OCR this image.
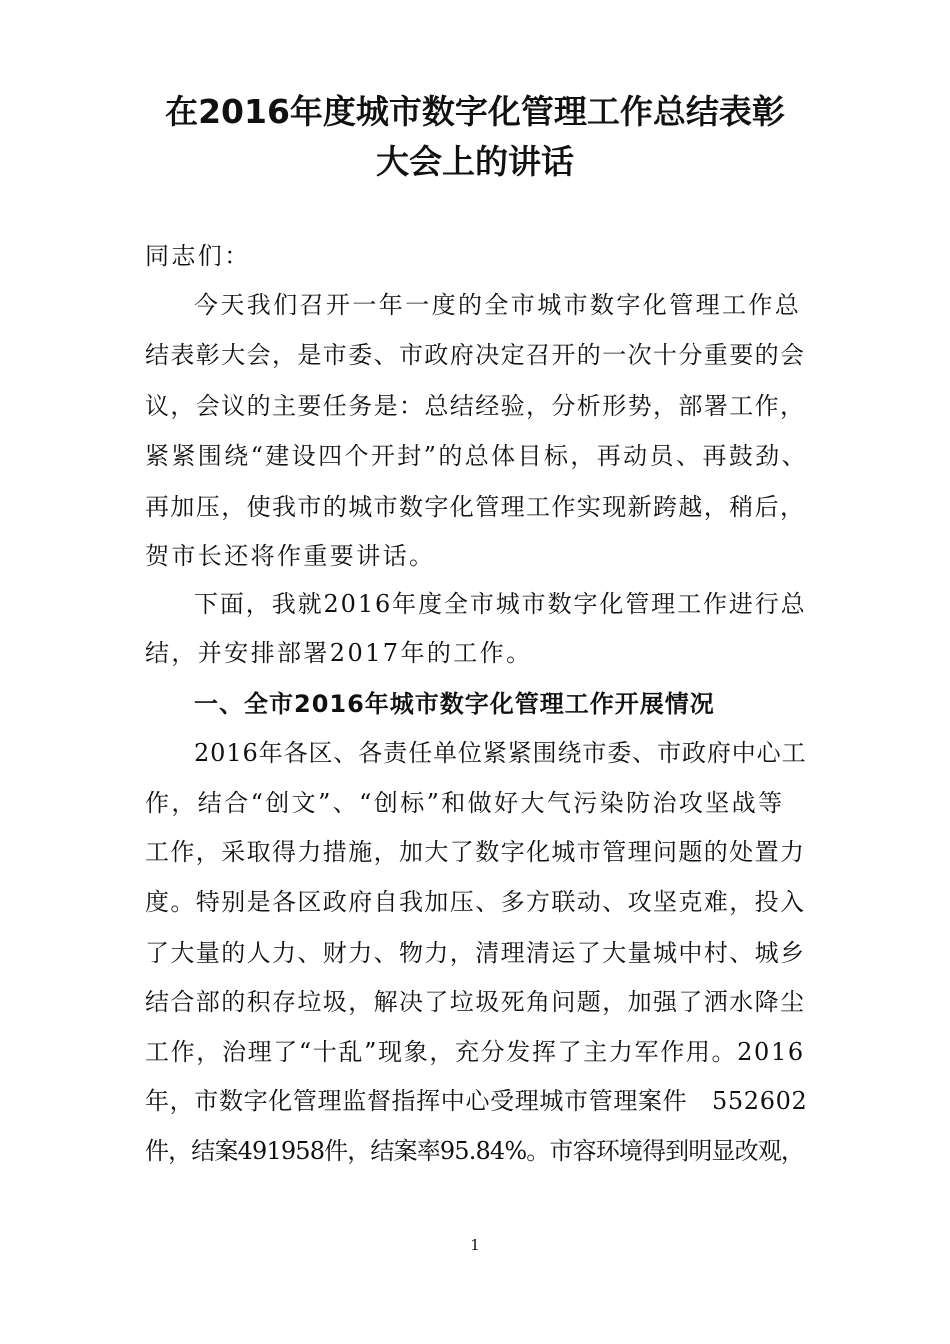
在2016年度城市数字化管理工作总结表彰
大会上的讲话
同志们：
今天我们召开一年一度的全市城市数字化管理工作总
结表彰大会，是市委、市政府决定召开的一次十分重要的会
议，会议的主要任务是：总结经验，分析形势，部署工作，
紧紧围绕“建设四个开封”的总体目标，再动员、再鼓劲、
再加压，使我市的城市数字化管理工作实现新跨越，稍后，
贺市长还将作重要讲话。
下面，我就2016年度全市城市数字化管理工作进行总
结，并安排部署2017年的工作。
一、全市2016年城市数字化管理工作开展情况
2016年各区、各责任单位紧紧围绕市委、市政府中心工
作，结合“创文”、“创标”和做好大气污染防治攻坚战等
工作，采取得力措施，加大了数字化城市管理问题的处置力
度。特别是各区政府自我加压、多方联动、攻坚克难，投入
了大量的人力、财力、物力，清理清运了大量城中村、城乡
结合部的积存垃圾，解决了垃圾死角问题，加强了洒水降尘
工作，治理了“十乱”现象，充分发挥了主力军作用。2016
年，市数字化管理监督指挥中心受理城市管理案件　552602
件，结案491958件，结案率95.84%。市容环境得到明显改观，
1
